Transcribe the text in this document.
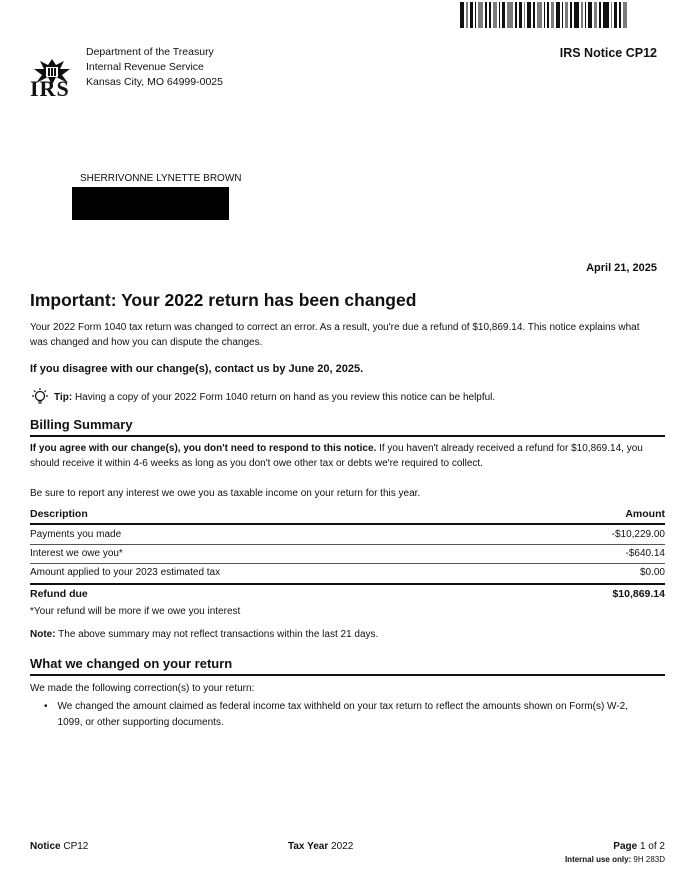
IRS
Department of the Treasury
Internal Revenue Service
Kansas City, MO 64999-0025
IRS Notice CP12
SHERRIVONNE LYNETTE BROWN
April 21, 2025
Important: Your 2022 return has been changed
Your 2022 Form 1040 tax return was changed to correct an error. As a result, you're due a refund of $10,869.14. This notice explains what was changed and how you can dispute the changes.
If you disagree with our change(s), contact us by June 20, 2025.
Tip: Having a copy of your 2022 Form 1040 return on hand as you review this notice can be helpful.
Billing Summary
If you agree with our change(s), you don't need to respond to this notice. If you haven't already received a refund for $10,869.14, you should receive it within 4-6 weeks as long as you don't owe other tax or debts we're required to collect.
Be sure to report any interest we owe you as taxable income on your return for this year.
Description	Amount
Payments you made	-$10,229.00
Interest we owe you*	-$640.14
Amount applied to your 2023 estimated tax	$0.00
Refund due	$10,869.14
*Your refund will be more if we owe you interest
Note: The above summary may not reflect transactions within the last 21 days.
What we changed on your return
We made the following correction(s) to your return:
• We changed the amount claimed as federal income tax withheld on your tax return to reflect the amounts shown on Form(s) W-2, 1099, or other supporting documents.
Notice CP12	Tax Year 2022	Page 1 of 2
Internal use only: 9H 283D
